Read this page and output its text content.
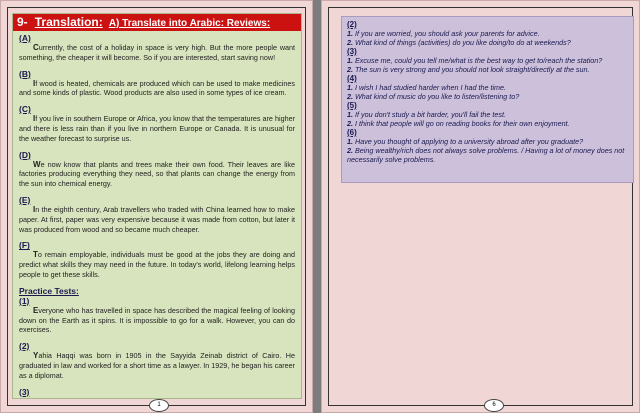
9- Translation: A) Translate into Arabic: Reviews:

(A)

Currently, the cost of a holiday in space is very high. But the more people want something, the cheaper it will become. So if you are interested, start saving now!

(B)

If wood is heated, chemicals are produced which can be used to make medicines and some kinds of plastic. Wood products are also used in some types of ice cream.

(C)

If you live in southern Europe or Africa, you know that the temperatures are higher and there is less rain than if you live in northern Europe or Canada. It is unusual for the weather forecast to surprise us.

(D)

We now know that plants and trees make their own food. Their leaves are like factories producing everything they need, so that plants can change the energy from the sun into chemical energy.

(E)

In the eighth century, Arab travellers who traded with China learned how to make paper. At first, paper was very expensive because it was made from cotton, but later it was produced from wood and so became much cheaper.

(F)

To remain employable, individuals must be good at the jobs they are doing and predict what skills they may need in the future. In today's world, lifelong learning helps people to get these skills.

Practice Tests:

(1)

Everyone who has travelled in space has described the magical feeling of looking down on the Earth as it spins. It is impossible to go for a walk. However, you can do exercises.

(2)

Yahia Haqqi was born in 1905 in the Sayyida Zeinab district of Cairo. He graduated in law and worked for a short time as a lawyer. In 1929, he began his career as a diplomat.

(3)

1

(2)

1. If you are worried, you should ask your parents for advice.

2. What kind of things (activities) do you like doing/to do at weekends?

(3)

1. Excuse me, could you tell me/what is the best way to get to/reach the station?

2. The sun is very strong and you should not look straight/directly at the sun.

(4)

1. I wish I had studied harder when I had the time.

2. What kind of music do you like to listen/listening to?

(5)

1. If you don't study a bit harder, you'll fail the test.

2. I think that people will go on reading books for their own enjoyment.

(6)

1. Have you thought of applying to a university abroad after you graduate?

2. Being wealthy/rich does not always solve problems. / Having a lot of money does not necessarily solve problems.

6
